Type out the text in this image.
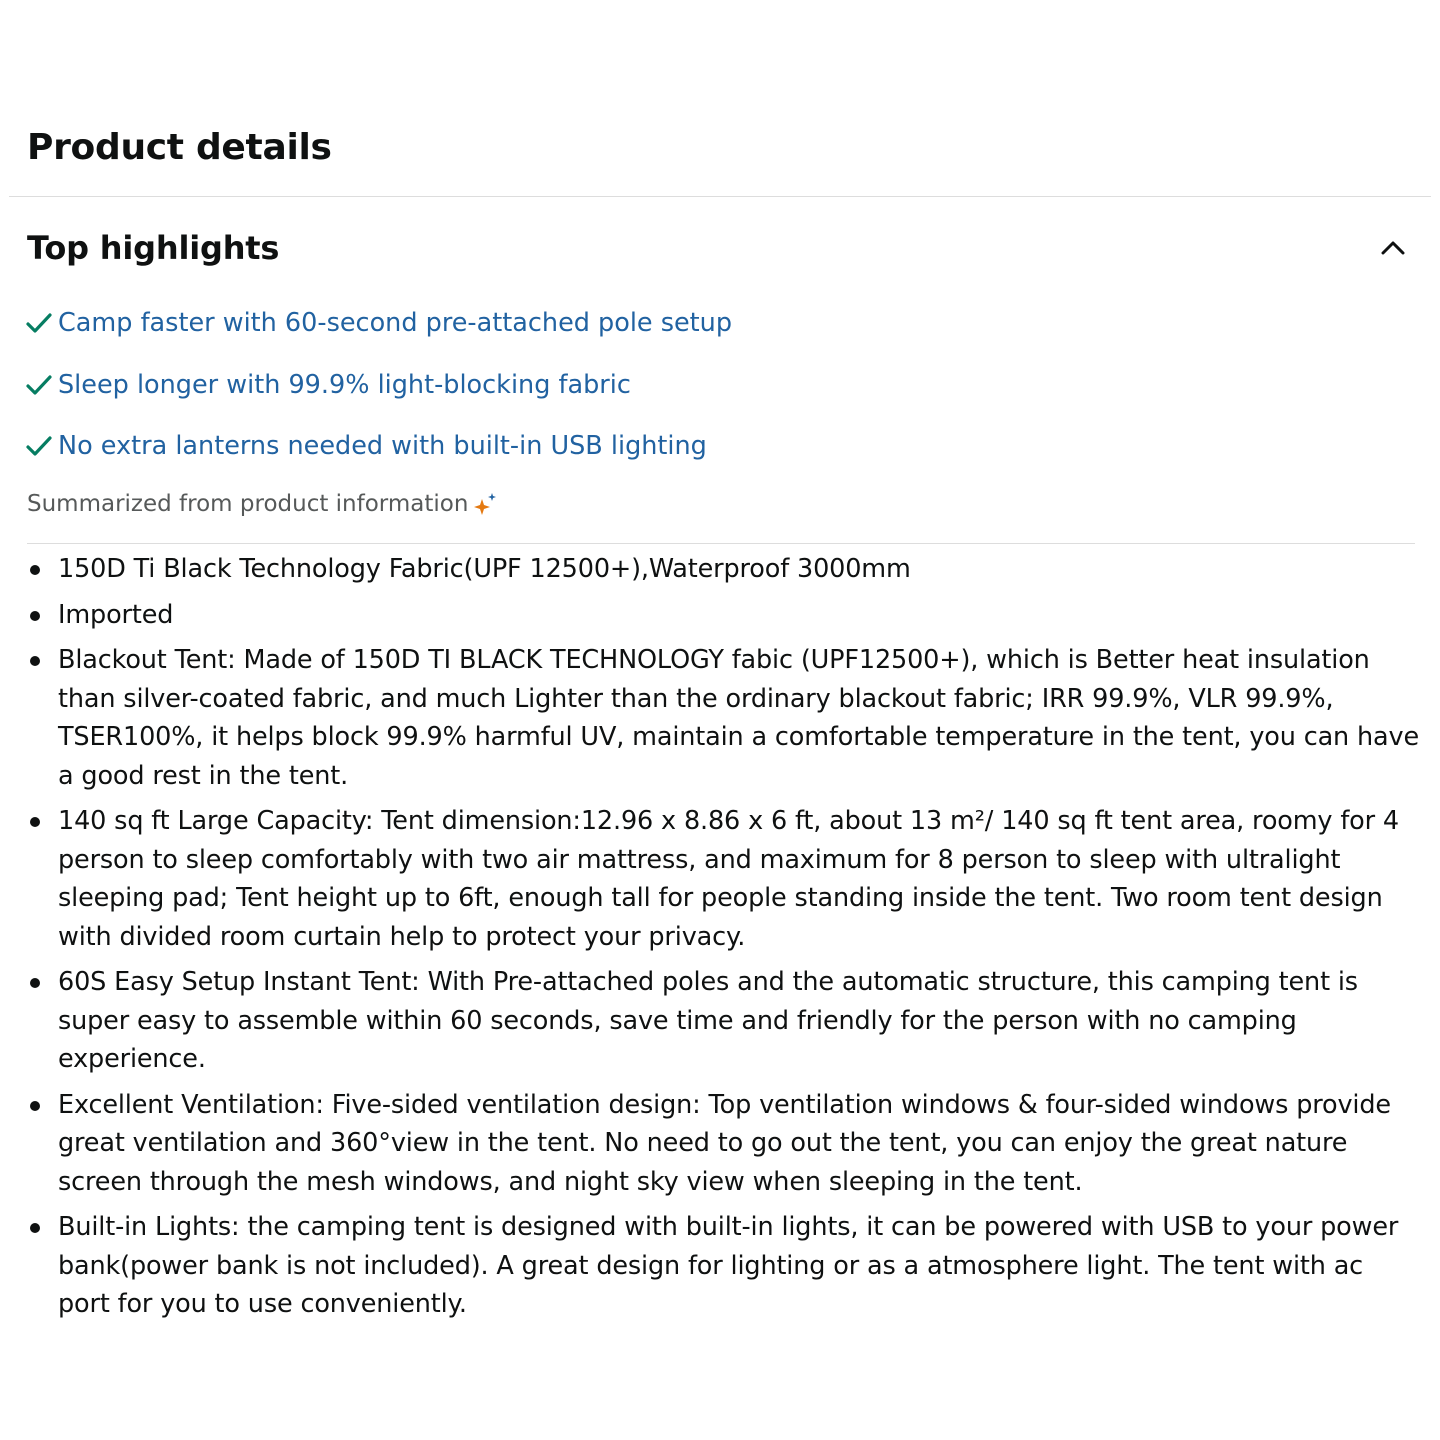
Product details
Top highlights
Camp faster with 60-second pre-attached pole setup
Sleep longer with 99.9% light-blocking fabric
No extra lanterns needed with built-in USB lighting
Summarized from product information
150D Ti Black Technology Fabric(UPF 12500+),Waterproof 3000mm
Imported
Blackout Tent: Made of 150D TI BLACK TECHNOLOGY fabic (UPF12500+), which is Better heat insulation than silver-coated fabric, and much Lighter than the ordinary blackout fabric; IRR 99.9%, VLR 99.9%, TSER100%, it helps block 99.9% harmful UV, maintain a comfortable temperature in the tent, you can have a good rest in the tent.
140 sq ft Large Capacity: Tent dimension:12.96 x 8.86 x 6 ft, about 13 m²/ 140 sq ft tent area, roomy for 4 person to sleep comfortably with two air mattress, and maximum for 8 person to sleep with ultralight sleeping pad; Tent height up to 6ft, enough tall for people standing inside the tent. Two room tent design with divided room curtain help to protect your privacy.
60S Easy Setup Instant Tent: With Pre-attached poles and the automatic structure, this camping tent is super easy to assemble within 60 seconds, save time and friendly for the person with no camping experience.
Excellent Ventilation: Five-sided ventilation design: Top ventilation windows & four-sided windows provide great ventilation and 360°view in the tent. No need to go out the tent, you can enjoy the great nature screen through the mesh windows, and night sky view when sleeping in the tent.
Built-in Lights: the camping tent is designed with built-in lights, it can be powered with USB to your power bank(power bank is not included). A great design for lighting or as a atmosphere light. The tent with ac port for you to use conveniently.
